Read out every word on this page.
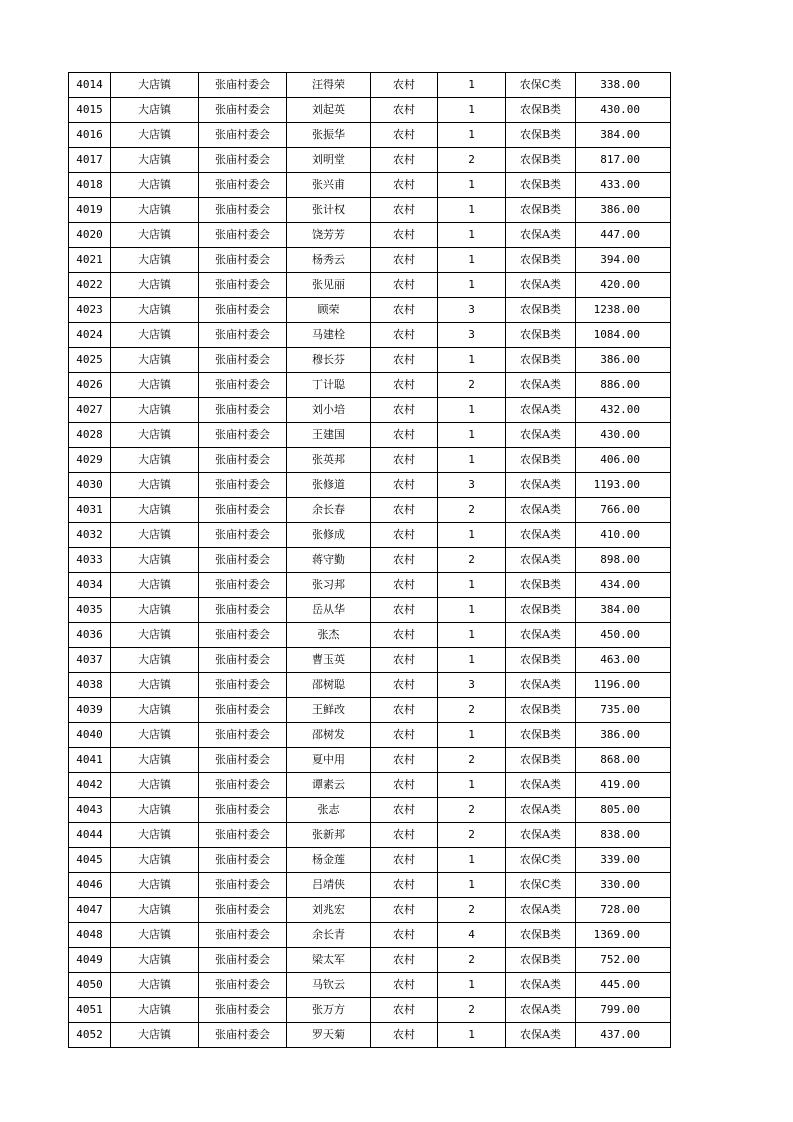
4014	大店镇	张庙村委会	汪得荣	农村	1	农保C类	338.00
4015	大店镇	张庙村委会	刘起英	农村	1	农保B类	430.00
4016	大店镇	张庙村委会	张振华	农村	1	农保B类	384.00
4017	大店镇	张庙村委会	刘明堂	农村	2	农保B类	817.00
4018	大店镇	张庙村委会	张兴甫	农村	1	农保B类	433.00
4019	大店镇	张庙村委会	张计权	农村	1	农保B类	386.00
4020	大店镇	张庙村委会	饶芳芳	农村	1	农保A类	447.00
4021	大店镇	张庙村委会	杨秀云	农村	1	农保B类	394.00
4022	大店镇	张庙村委会	张见丽	农村	1	农保A类	420.00
4023	大店镇	张庙村委会	顾荣	农村	3	农保B类	1238.00
4024	大店镇	张庙村委会	马建栓	农村	3	农保B类	1084.00
4025	大店镇	张庙村委会	穆长芬	农村	1	农保B类	386.00
4026	大店镇	张庙村委会	丁计聪	农村	2	农保A类	886.00
4027	大店镇	张庙村委会	刘小培	农村	1	农保A类	432.00
4028	大店镇	张庙村委会	王建国	农村	1	农保A类	430.00
4029	大店镇	张庙村委会	张英邦	农村	1	农保B类	406.00
4030	大店镇	张庙村委会	张修道	农村	3	农保A类	1193.00
4031	大店镇	张庙村委会	余长春	农村	2	农保A类	766.00
4032	大店镇	张庙村委会	张修成	农村	1	农保A类	410.00
4033	大店镇	张庙村委会	蒋守勤	农村	2	农保A类	898.00
4034	大店镇	张庙村委会	张习邦	农村	1	农保B类	434.00
4035	大店镇	张庙村委会	岳从华	农村	1	农保B类	384.00
4036	大店镇	张庙村委会	张杰	农村	1	农保A类	450.00
4037	大店镇	张庙村委会	曹玉英	农村	1	农保B类	463.00
4038	大店镇	张庙村委会	邵树聪	农村	3	农保A类	1196.00
4039	大店镇	张庙村委会	王鲜改	农村	2	农保B类	735.00
4040	大店镇	张庙村委会	邵树发	农村	1	农保B类	386.00
4041	大店镇	张庙村委会	夏中用	农村	2	农保B类	868.00
4042	大店镇	张庙村委会	谭素云	农村	1	农保A类	419.00
4043	大店镇	张庙村委会	张志	农村	2	农保A类	805.00
4044	大店镇	张庙村委会	张新邦	农村	2	农保A类	838.00
4045	大店镇	张庙村委会	杨金莲	农村	1	农保C类	339.00
4046	大店镇	张庙村委会	吕靖侠	农村	1	农保C类	330.00
4047	大店镇	张庙村委会	刘兆宏	农村	2	农保A类	728.00
4048	大店镇	张庙村委会	余长青	农村	4	农保B类	1369.00
4049	大店镇	张庙村委会	梁太军	农村	2	农保B类	752.00
4050	大店镇	张庙村委会	马钦云	农村	1	农保A类	445.00
4051	大店镇	张庙村委会	张万方	农村	2	农保A类	799.00
4052	大店镇	张庙村委会	罗天菊	农村	1	农保A类	437.00
